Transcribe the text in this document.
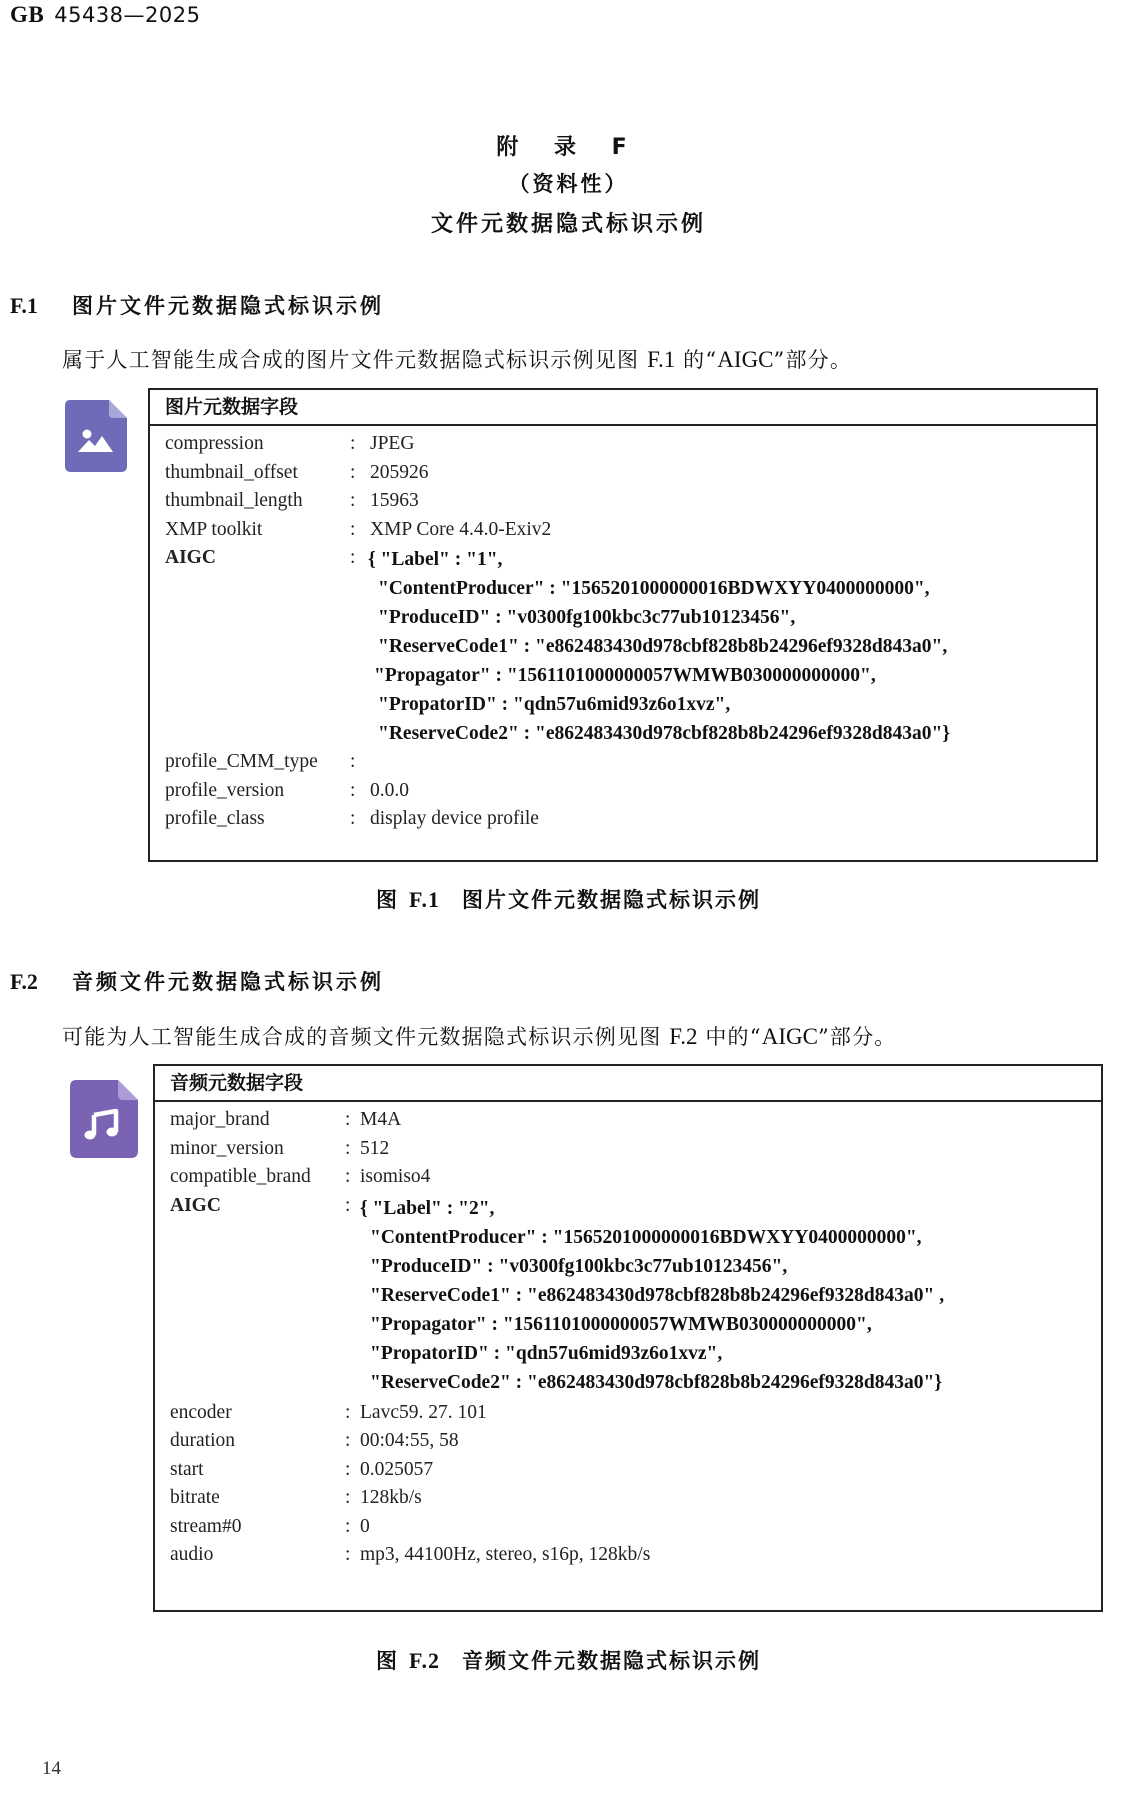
GB 45438—2025
附 录 F
（资料性）
文件元数据隐式标识示例
F.1 图片文件元数据隐式标识示例
属于人工智能生成合成的图片文件元数据隐式标识示例见图 F.1 的“AIGC”部分。
图片元数据字段
compression	: JPEG
thumbnail_offset	: 205926
thumbnail_length : 15963
XMP toolkit	: XMP Core 4.4.0-Exiv2
AIGC	: { "Label" : "1",
"ContentProducer" : "1565201000000016BDWXYY0400000000",
"ProduceID" : "v0300fg100kbc3c77ub10123456",
"ReserveCode1" : "e862483430d978cbf828b8b24296ef9328d843a0",
"Propagator" : "1561101000000057WMWB030000000000",
"PropatorID" : "qdn57u6mid93z6o1xvz",
"ReserveCode2" : "e862483430d978cbf828b8b24296ef9328d843a0"}
profile_CMM_type :
profile_version	: 0.0.0
profile_class	: display device profile
图 F.1 图片文件元数据隐式标识示例
F.2 音频文件元数据隐式标识示例
可能为人工智能生成合成的音频文件元数据隐式标识示例见图 F.2 中的“AIGC”部分。
音频元数据字段
major_brand	: M4A
minor_version	: 512
compatible_brand : isomiso4
AIGC	: { "Label" : "2",
"ContentProducer" : "1565201000000016BDWXYY0400000000",
"ProduceID" : "v0300fg100kbc3c77ub10123456",
"ReserveCode1" : "e862483430d978cbf828b8b24296ef9328d843a0" ,
"Propagator" : "1561101000000057WMWB030000000000",
"PropatorID" : "qdn57u6mid93z6o1xvz",
"ReserveCode2" : "e862483430d978cbf828b8b24296ef9328d843a0"}
encoder	: Lavc59. 27. 101
duration	: 00:04:55, 58
start	: 0.025057
bitrate	: 128kb/s
stream#0	: 0
audio	: mp3, 44100Hz, stereo, s16p, 128kb/s
图 F.2 音频文件元数据隐式标识示例
14
